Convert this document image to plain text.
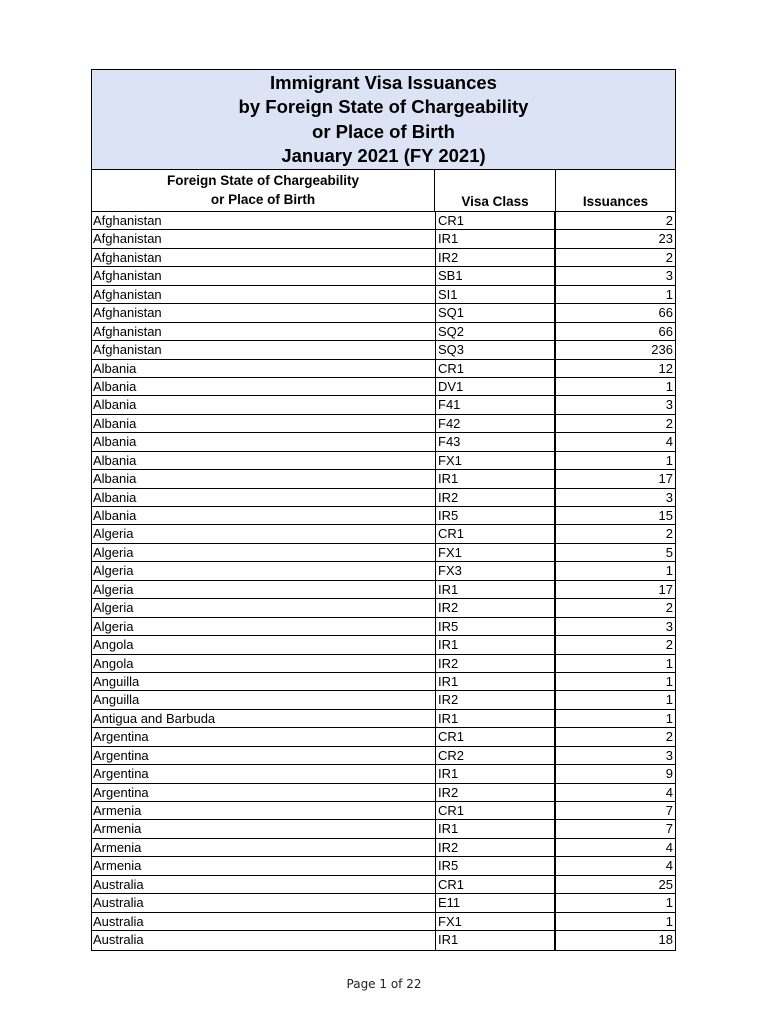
Immigrant Visa Issuances
by Foreign State of Chargeability
or Place of Birth
January 2021 (FY 2021)
Foreign State of Chargeability
or Place of Birth	Visa Class	Issuances
Afghanistan	CR1	2
Afghanistan	IR1	23
Afghanistan	IR2	2
Afghanistan	SB1	3
Afghanistan	SI1	1
Afghanistan	SQ1	66
Afghanistan	SQ2	66
Afghanistan	SQ3	236
Albania	CR1	12
Albania	DV1	1
Albania	F41	3
Albania	F42	2
Albania	F43	4
Albania	FX1	1
Albania	IR1	17
Albania	IR2	3
Albania	IR5	15
Algeria	CR1	2
Algeria	FX1	5
Algeria	FX3	1
Algeria	IR1	17
Algeria	IR2	2
Algeria	IR5	3
Angola	IR1	2
Angola	IR2	1
Anguilla	IR1	1
Anguilla	IR2	1
Antigua and Barbuda	IR1	1
Argentina	CR1	2
Argentina	CR2	3
Argentina	IR1	9
Argentina	IR2	4
Armenia	CR1	7
Armenia	IR1	7
Armenia	IR2	4
Armenia	IR5	4
Australia	CR1	25
Australia	E11	1
Australia	FX1	1
Australia	IR1	18
Page 1 of 22
